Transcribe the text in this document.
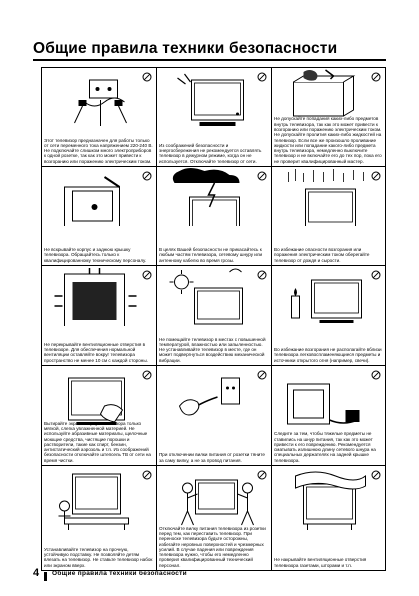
Общие правила техники безопасности
Этот телевизор предназначен для работы только от сети переменного тока напряжением 220-240 В. Не подключайте слишком много электроприборов к одной розетке, так как это может привести к возгоранию или поражению электрическим током.
Из соображений безопасности и энергосбережения не рекомендуется оставлять телевизор в дежурном режиме, когда он не используется. Отключайте телевизор от сети.
Не допускайте попадания каких-либо предметов внутрь телевизора, так как это может привести к возгоранию или поражению электрическим током. Не допускайте пролития каких-либо жидкостей на телевизор. Если все же произошло проливание жидкости или попадание какого-либо предмета внутрь телевизора, немедленно выключите телевизор и не включайте его до тех пор, пока его не проверит квалифицированный мастер.
Не вскрывайте корпус и заднюю крышку телевизора. Обращайтесь только к квалифицированному техническому персоналу.
В целях Вашей безопасности не прикасайтесь к любым частям телевизора, сетевому шнуру или антенному кабелю во время грозы.
Во избежание опасности возгорания или поражения электрическим током оберегайте телевизор от дождя и сырости.
Не перекрывайте вентиляционные отверстия в телевизоре. Для обеспечения нормальной вентиляции оставляйте вокруг телевизора пространство не менее 10 см с каждой стороны.
Не помещайте телевизор в местах с повышенной температурой, влажностью или запыленностью. Не устанавливайте телевизор в месте, где он может подвергнуться воздействию механической вибрации.
Во избежание возгорания не располагайте вблизи телевизора легковоспламеняющиеся предметы и источники открытого огня (например, свечи).
Вытирайте экран и корпус телевизора только мягкой, слегка увлажненной материей. Не используйте абразивные материалы, щелочные моющие средства, чистящие порошки и растворители, такие как спирт, бензин, антистатический аэрозоль и т.п. Из соображений безопасности отключайте штепсель ТВ от сети на время чистки.
При отключении вилки питания от розетки тяните за саму вилку, а не за провод питания.
Следите за тем, чтобы тяжелые предметы не ставились на шнур питания, так как это может привести к его повреждению. Рекомендуется сматывать излишнюю длину сетевого шнура на специальных держателях на задней крышке телевизора.
Устанавливайте телевизор на прочную, устойчивую подставку. Не позволяйте детям влезать на телевизор. Не ставьте телевизор набок или экраном вверх.
Отключайте вилку питания телевизора из розетки перед тем, как переставить телевизор. При переноске телевизора будьте осторожны, избегайте неровных поверхностей и чрезмерных усилий. В случае падения или повреждения телевизора нужно, чтобы его немедленно проверил квалифицированный технический персонал.
Не накрывайте вентиляционные отверстия телевизора газетами, шторами и т.п.
4 Общие правила техники безопасности
